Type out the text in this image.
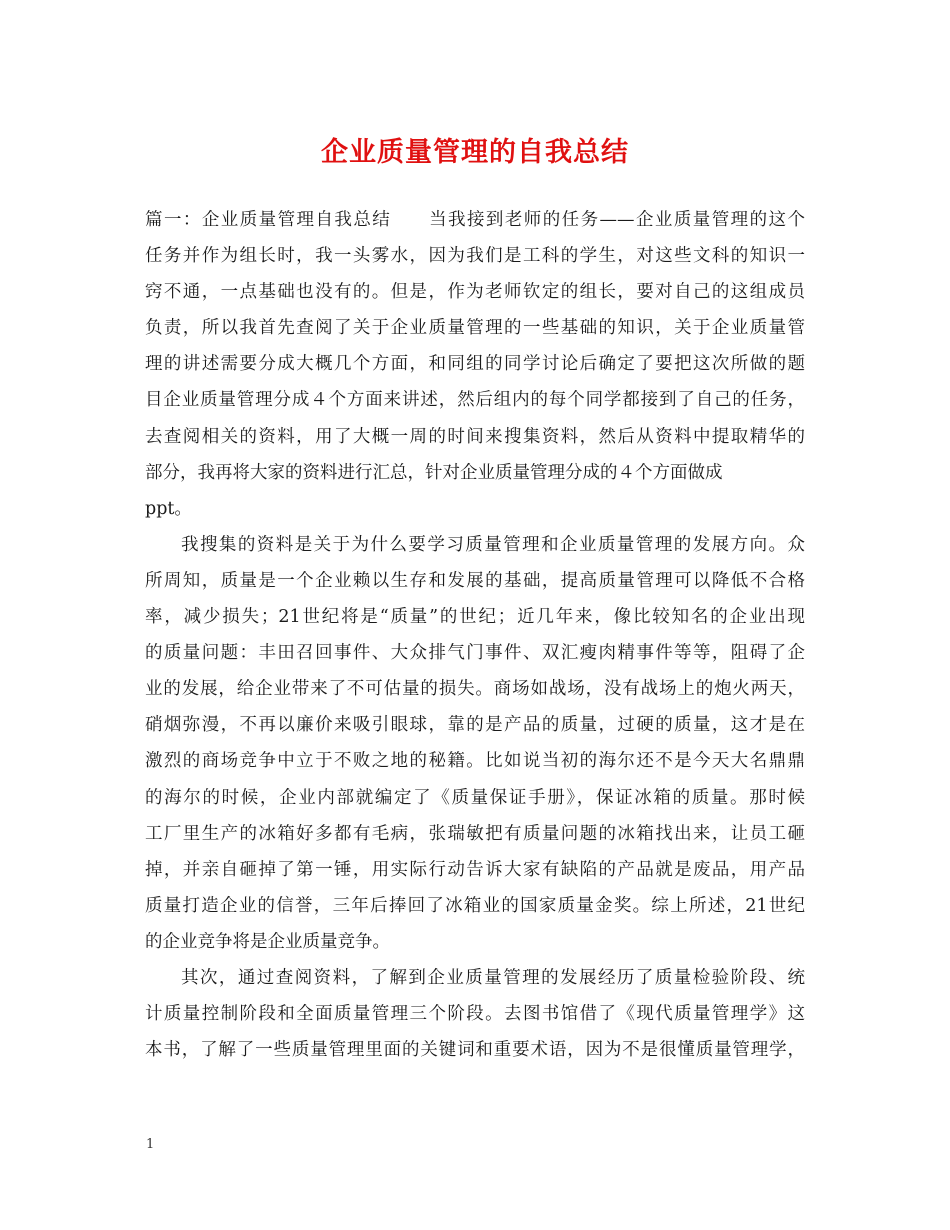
企业质量管理的自我总结
篇一：企业质量管理自我总结　　当我接到老师的任务——企业质量管理的这个
任务并作为组长时，我一头雾水，因为我们是工科的学生，对这些文科的知识一
窍不通，一点基础也没有的。但是，作为老师钦定的组长，要对自己的这组成员
负责，所以我首先查阅了关于企业质量管理的一些基础的知识，关于企业质量管
理的讲述需要分成大概几个方面，和同组的同学讨论后确定了要把这次所做的题
目企业质量管理分成４个方面来讲述，然后组内的每个同学都接到了自己的任务，
去查阅相关的资料，用了大概一周的时间来搜集资料，然后从资料中提取精华的
部分，我再将大家的资料进行汇总，针对企业质量管理分成的４个方面做成
ppt。
我搜集的资料是关于为什么要学习质量管理和企业质量管理的发展方向。众
所周知，质量是一个企业赖以生存和发展的基础，提高质量管理可以降低不合格
率，减少损失；21世纪将是“质量”的世纪；近几年来，像比较知名的企业出现
的质量问题：丰田召回事件、大众排气门事件、双汇瘦肉精事件等等，阻碍了企
业的发展，给企业带来了不可估量的损失。商场如战场，没有战场上的炮火两天，
硝烟弥漫，不再以廉价来吸引眼球，靠的是产品的质量，过硬的质量，这才是在
激烈的商场竞争中立于不败之地的秘籍。比如说当初的海尔还不是今天大名鼎鼎
的海尔的时候，企业内部就编定了《质量保证手册》，保证冰箱的质量。那时候
工厂里生产的冰箱好多都有毛病，张瑞敏把有质量问题的冰箱找出来，让员工砸
掉，并亲自砸掉了第一锤，用实际行动告诉大家有缺陷的产品就是废品，用产品
质量打造企业的信誉，三年后捧回了冰箱业的国家质量金奖。综上所述，21世纪
的企业竞争将是企业质量竞争。
其次，通过查阅资料，了解到企业质量管理的发展经历了质量检验阶段、统
计质量控制阶段和全面质量管理三个阶段。去图书馆借了《现代质量管理学》这
本书，了解了一些质量管理里面的关键词和重要术语，因为不是很懂质量管理学，
1
